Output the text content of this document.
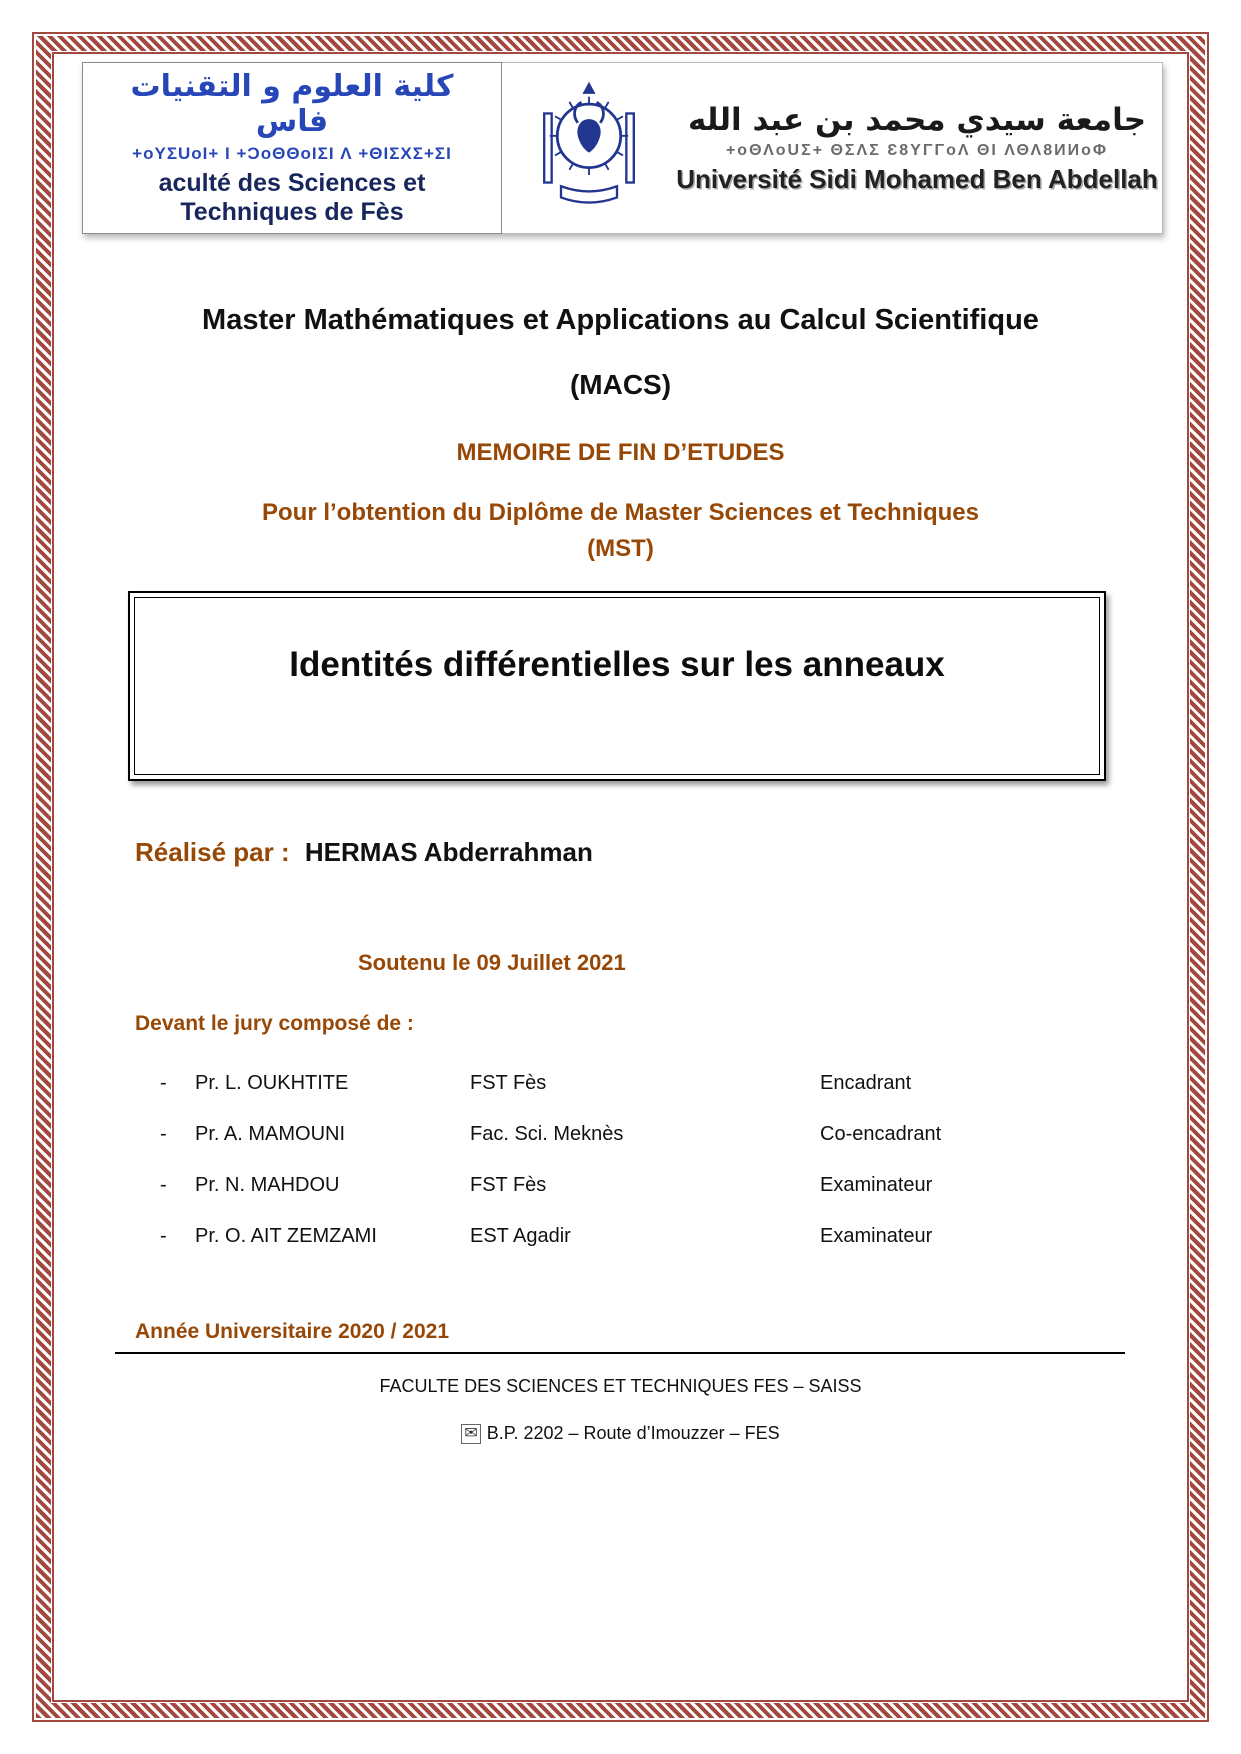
كلية العلوم و التقنيات فاس
+oYΣUoI+ I +ƆoΘΘoIΣI Λ +ΘIΣXΣ+ΣI
aculté des Sciences et Techniques de Fès
جامعة سيدي محمد بن عبد الله
+oΘΛoUΣ+ ΘΣΛΣ Ɛ8ΥΓΓoΛ ΘI ΛΘΛ8ИИoΦ
Université Sidi Mohamed Ben Abdellah
Master Mathématiques et Applications au Calcul Scientifique
(MACS)
MEMOIRE DE FIN D’ETUDES
Pour l’obtention du Diplôme de Master Sciences et Techniques
(MST)
Identités différentielles sur les anneaux
Réalisé par : HERMAS Abderrahman
Soutenu le 09 Juillet 2021
Devant le jury composé de :
-	Pr. L. OUKHTITE	FST Fès	Encadrant
-	Pr. A. MAMOUNI	Fac. Sci. Meknès	Co-encadrant
-	Pr. N. MAHDOU	FST Fès	Examinateur
-	Pr. O. AIT ZEMZAMI	EST Agadir	Examinateur
Année Universitaire 2020 / 2021
FACULTE DES SCIENCES ET TECHNIQUES FES – SAISS
✉ B.P. 2202 – Route d’Imouzzer – FES
